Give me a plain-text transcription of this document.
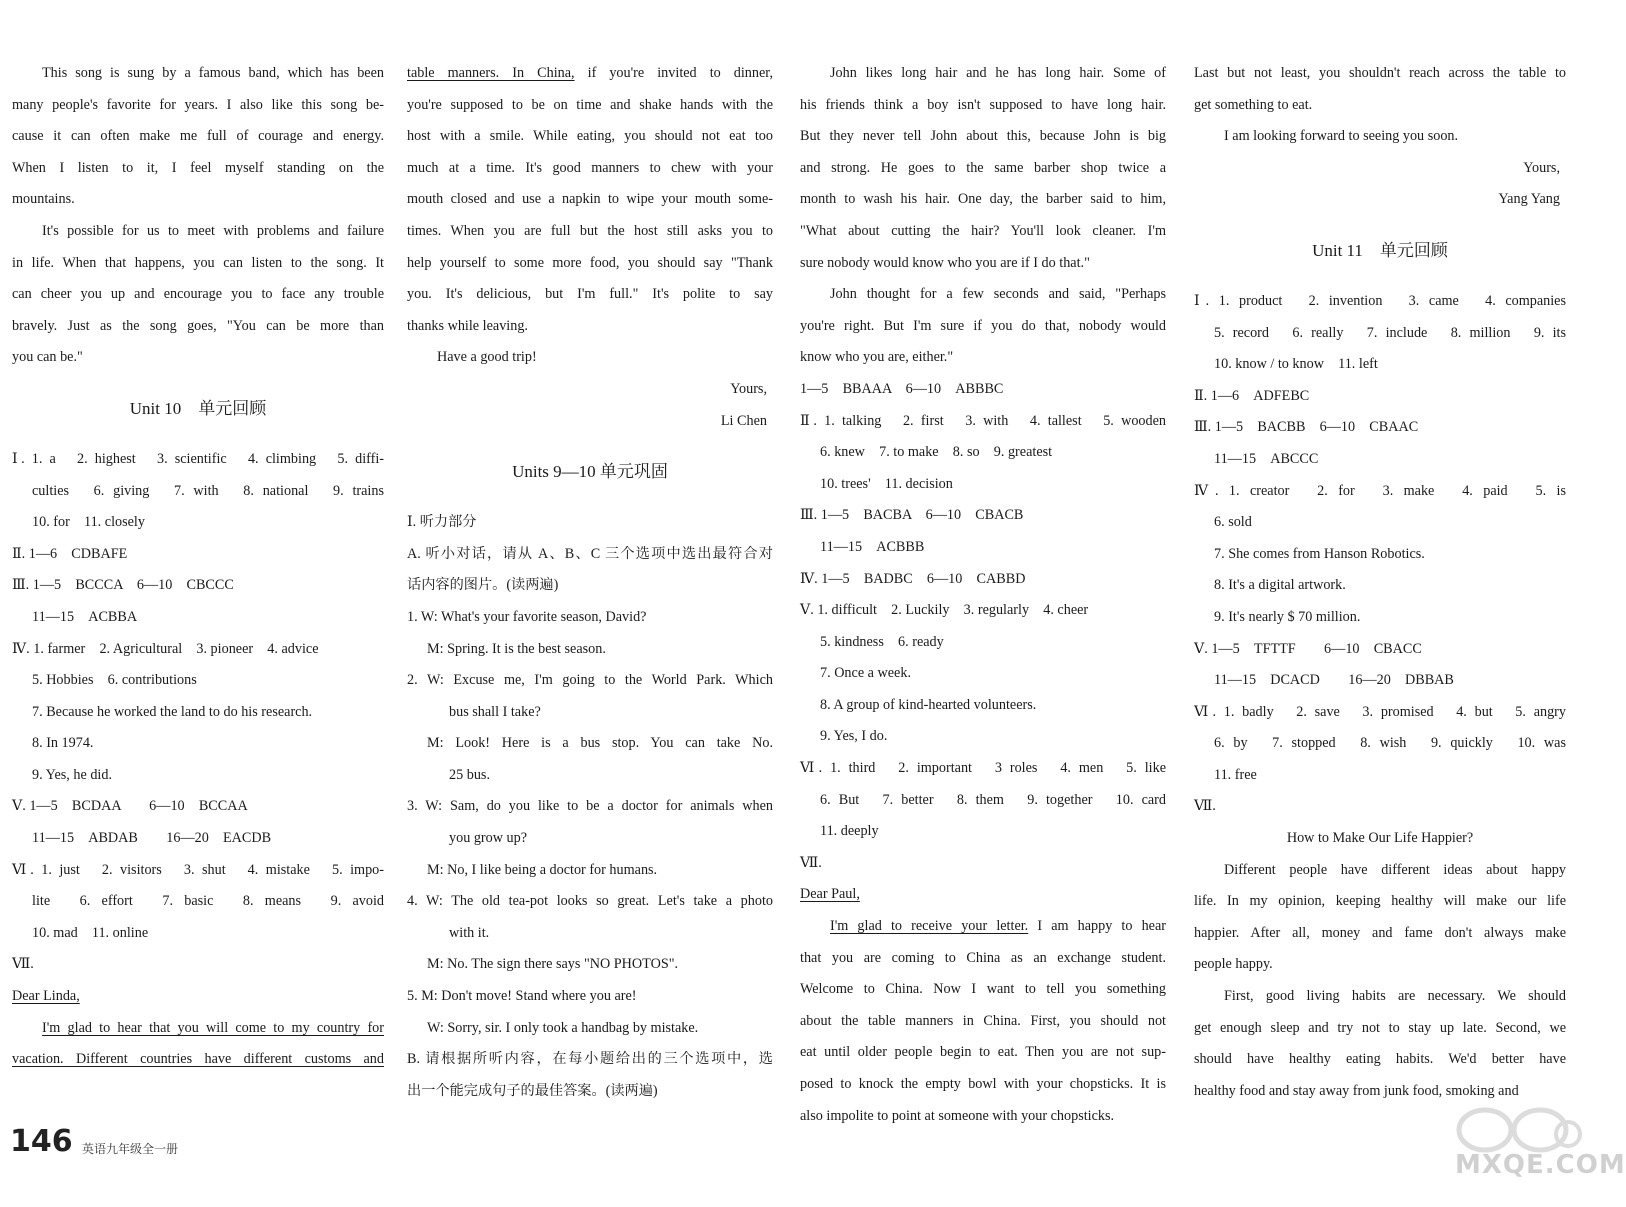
This song is sung by a famous band, which has been

many people's favorite for years. I also like this song be-

cause it can often make me full of courage and energy.

When I listen to it, I feel myself standing on the

mountains.

It's possible for us to meet with problems and failure

in life. When that happens, you can listen to the song. It

can cheer you up and encourage you to face any trouble

bravely. Just as the song goes, "You can be more than

you can be."

Unit 10　单元回顾

Ⅰ. 1. a　2. highest　3. scientific　4. climbing　5. diffi-

culties　6. giving　7. with　8. national　9. trains

10. for　11. closely

Ⅱ. 1—6　CDBAFE

Ⅲ. 1—5　BCCCA　6—10　CBCCC

11—15　ACBBA

Ⅳ. 1. farmer　2. Agricultural　3. pioneer　4. advice

5. Hobbies　6. contributions

7. Because he worked the land to do his research.

8. In 1974.

9. Yes, he did.

Ⅴ. 1—5　BCDAA　　6—10　BCCAA

11—15　ABDAB　　16—20　EACDB

Ⅵ. 1. just　2. visitors　3. shut　4. mistake　5. impo-

lite　6. effort　7. basic　8. means　9. avoid

10. mad　11. online

Ⅶ.

Dear Linda,

I'm glad to hear that you will come to my country for

vacation. Different countries have different customs and

table manners. In China, if you're invited to dinner,

you're supposed to be on time and shake hands with the

host with a smile. While eating, you should not eat too

much at a time. It's good manners to chew with your

mouth closed and use a napkin to wipe your mouth some-

times. When you are full but the host still asks you to

help yourself to some more food, you should say "Thank

you. It's delicious, but I'm full." It's polite to say

thanks while leaving.

Have a good trip!

Yours,

Li Chen

Units 9—10 单元巩固

Ⅰ. 听力部分

A. 听小对话，请从 A、B、C 三个选项中选出最符合对

话内容的图片。(读两遍)

1. W: What's your favorite season, David?

M: Spring. It is the best season.

2. W: Excuse me, I'm going to the World Park. Which

bus shall I take?

M: Look! Here is a bus stop. You can take No.

25 bus.

3. W: Sam, do you like to be a doctor for animals when

you grow up?

M: No, I like being a doctor for humans.

4. W: The old tea-pot looks so great. Let's take a photo

with it.

M: No. The sign there says "NO PHOTOS".

5. M: Don't move! Stand where you are!

W: Sorry, sir. I only took a handbag by mistake.

B. 请根据所听内容，在每小题给出的三个选项中，选

出一个能完成句子的最佳答案。(读两遍)

John likes long hair and he has long hair. Some of

his friends think a boy isn't supposed to have long hair.

But they never tell John about this, because John is big

and strong. He goes to the same barber shop twice a

month to wash his hair. One day, the barber said to him,

"What about cutting the hair? You'll look cleaner. I'm

sure nobody would know who you are if I do that."

John thought for a few seconds and said, "Perhaps

you're right. But I'm sure if you do that, nobody would

know who you are, either."

1—5　BBAAA　6—10　ABBBC

Ⅱ. 1. talking　2. first　3. with　4. tallest　5. wooden

6. knew　7. to make　8. so　9. greatest

10. trees'　11. decision

Ⅲ. 1—5　BACBA　6—10　CBACB

11—15　ACBBB

Ⅳ. 1—5　BADBC　6—10　CABBD

Ⅴ. 1. difficult　2. Luckily　3. regularly　4. cheer

5. kindness　6. ready

7. Once a week.

8. A group of kind-hearted volunteers.

9. Yes, I do.

Ⅵ. 1. third　2. important　3 roles　4. men　5. like

6. But　7. better　8. them　9. together　10. card

11. deeply

Ⅶ.

Dear Paul,

I'm glad to receive your letter. I am happy to hear

that you are coming to China as an exchange student.

Welcome to China. Now I want to tell you something

about the table manners in China. First, you should not

eat until older people begin to eat. Then you are not sup-

posed to knock the empty bowl with your chopsticks. It is

also impolite to point at someone with your chopsticks.

Last but not least, you shouldn't reach across the table to

get something to eat.

I am looking forward to seeing you soon.

Yours,

Yang Yang

Unit 11　单元回顾

Ⅰ. 1. product　2. invention　3. came　4. companies

5. record　6. really　7. include　8. million　9. its

10. know / to know　11. left

Ⅱ. 1—6　ADFEBC

Ⅲ. 1—5　BACBB　6—10　CBAAC

11—15　ABCCC

Ⅳ. 1. creator　2. for　3. make　4. paid　5. is

6. sold

7. She comes from Hanson Robotics.

8. It's a digital artwork.

9. It's nearly $ 70 million.

Ⅴ. 1—5　TFTTF　　6—10　CBACC

11—15　DCACD　　16—20　DBBAB

Ⅵ. 1. badly　2. save　3. promised　4. but　5. angry

6. by　7. stopped　8. wish　9. quickly　10. was

11. free

Ⅶ.

How to Make Our Life Happier?

Different people have different ideas about happy

life. In my opinion, keeping healthy will make our life

happier. After all, money and fame don't always make

people happy.

First, good living habits are necessary. We should

get enough sleep and try not to stay up late. Second, we

should have healthy eating habits. We'd better have

healthy food and stay away from junk food, smoking and

146 英语九年级全一册
MXQE.COM
